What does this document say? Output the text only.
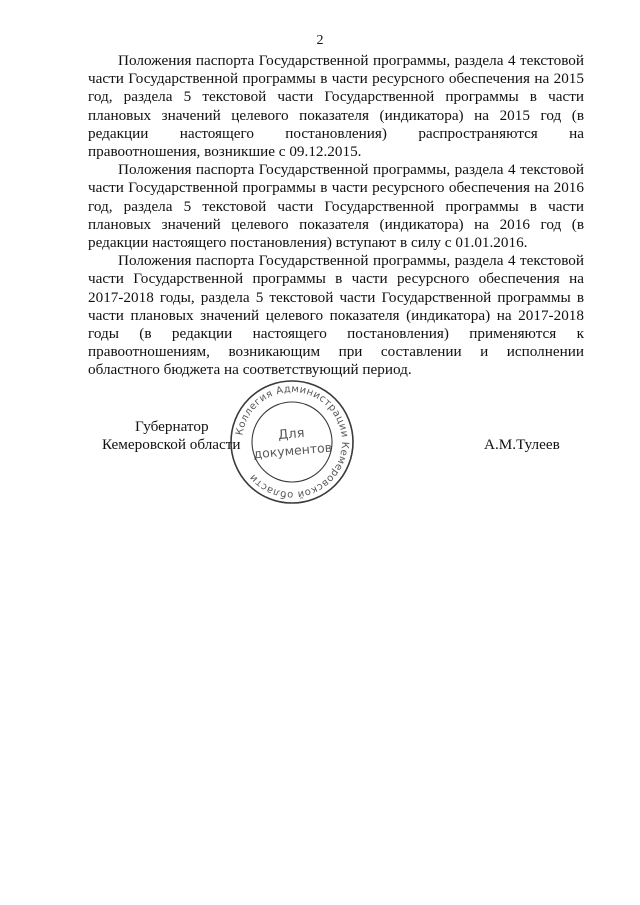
2

Положения паспорта Государственной программы, раздела 4 текстовой части Государственной программы в части ресурсного обеспечения на 2015 год, раздела 5 текстовой части Государственной программы в части плановых значений целевого показателя (индикатора) на 2015 год (в редакции настоящего постановления) распространяются на правоотношения, возникшие с 09.12.2015.

Положения паспорта Государственной программы, раздела 4 текстовой части Государственной программы в части ресурсного обеспечения на 2016 год, раздела 5 текстовой части Государственной программы в части плановых значений целевого показателя (индикатора) на 2016 год (в редакции настоящего постановления) вступают в силу с 01.01.2016.

Положения паспорта Государственной программы, раздела 4 текстовой части Государственной программы в части ресурсного обеспечения на 2017-2018 годы, раздела 5 текстовой части Государственной программы в части плановых значений целевого показателя (индикатора) на 2017-2018 годы (в редакции настоящего постановления) применяются к правоотношениям, возникающим при составлении и исполнении областного бюджета на соответствующий период.

Губернатор
Кемеровской области	А.М.Тулеев
Коллегия Администрации Кемеровской области
Для
документов
